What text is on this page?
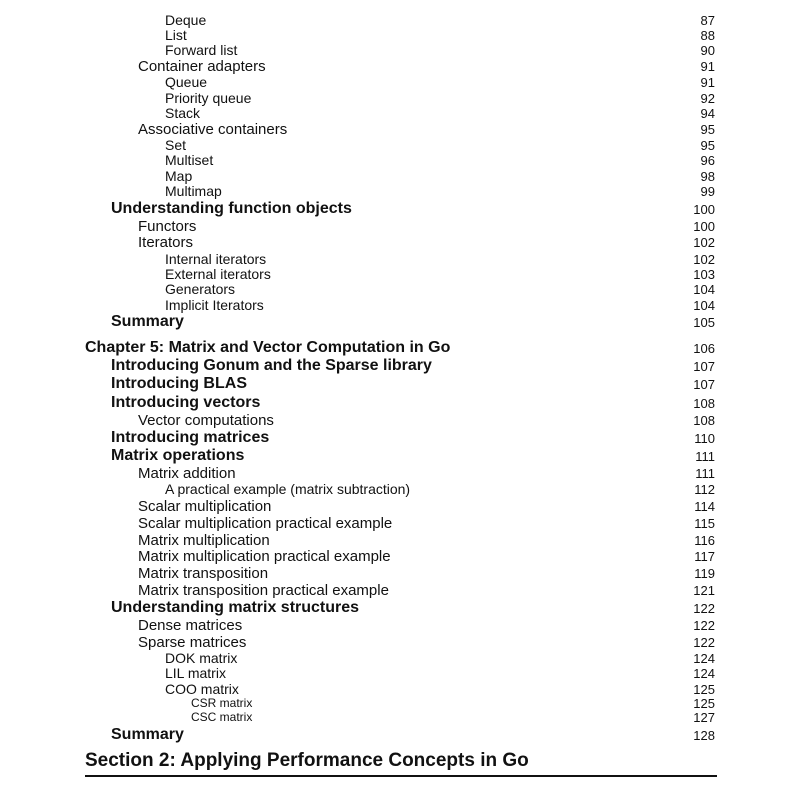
Deque	87
List	88
Forward list	90
Container adapters	91
Queue	91
Priority queue	92
Stack	94
Associative containers	95
Set	95
Multiset	96
Map	98
Multimap	99
Understanding function objects	100
Functors	100
Iterators	102
Internal iterators	102
External iterators	103
Generators	104
Implicit Iterators	104
Summary	105
Chapter 5: Matrix and Vector Computation in Go	106
Introducing Gonum and the Sparse library	107
Introducing BLAS	107
Introducing vectors	108
Vector computations	108
Introducing matrices	110
Matrix operations	111
Matrix addition	111
A practical example (matrix subtraction)	112
Scalar multiplication	114
Scalar multiplication practical example	115
Matrix multiplication	116
Matrix multiplication practical example	117
Matrix transposition	119
Matrix transposition practical example	121
Understanding matrix structures	122
Dense matrices	122
Sparse matrices	122
DOK matrix	124
LIL matrix	124
COO matrix	125
CSR matrix	125
CSC matrix	127
Summary	128
Section 2: Applying Performance Concepts in Go
